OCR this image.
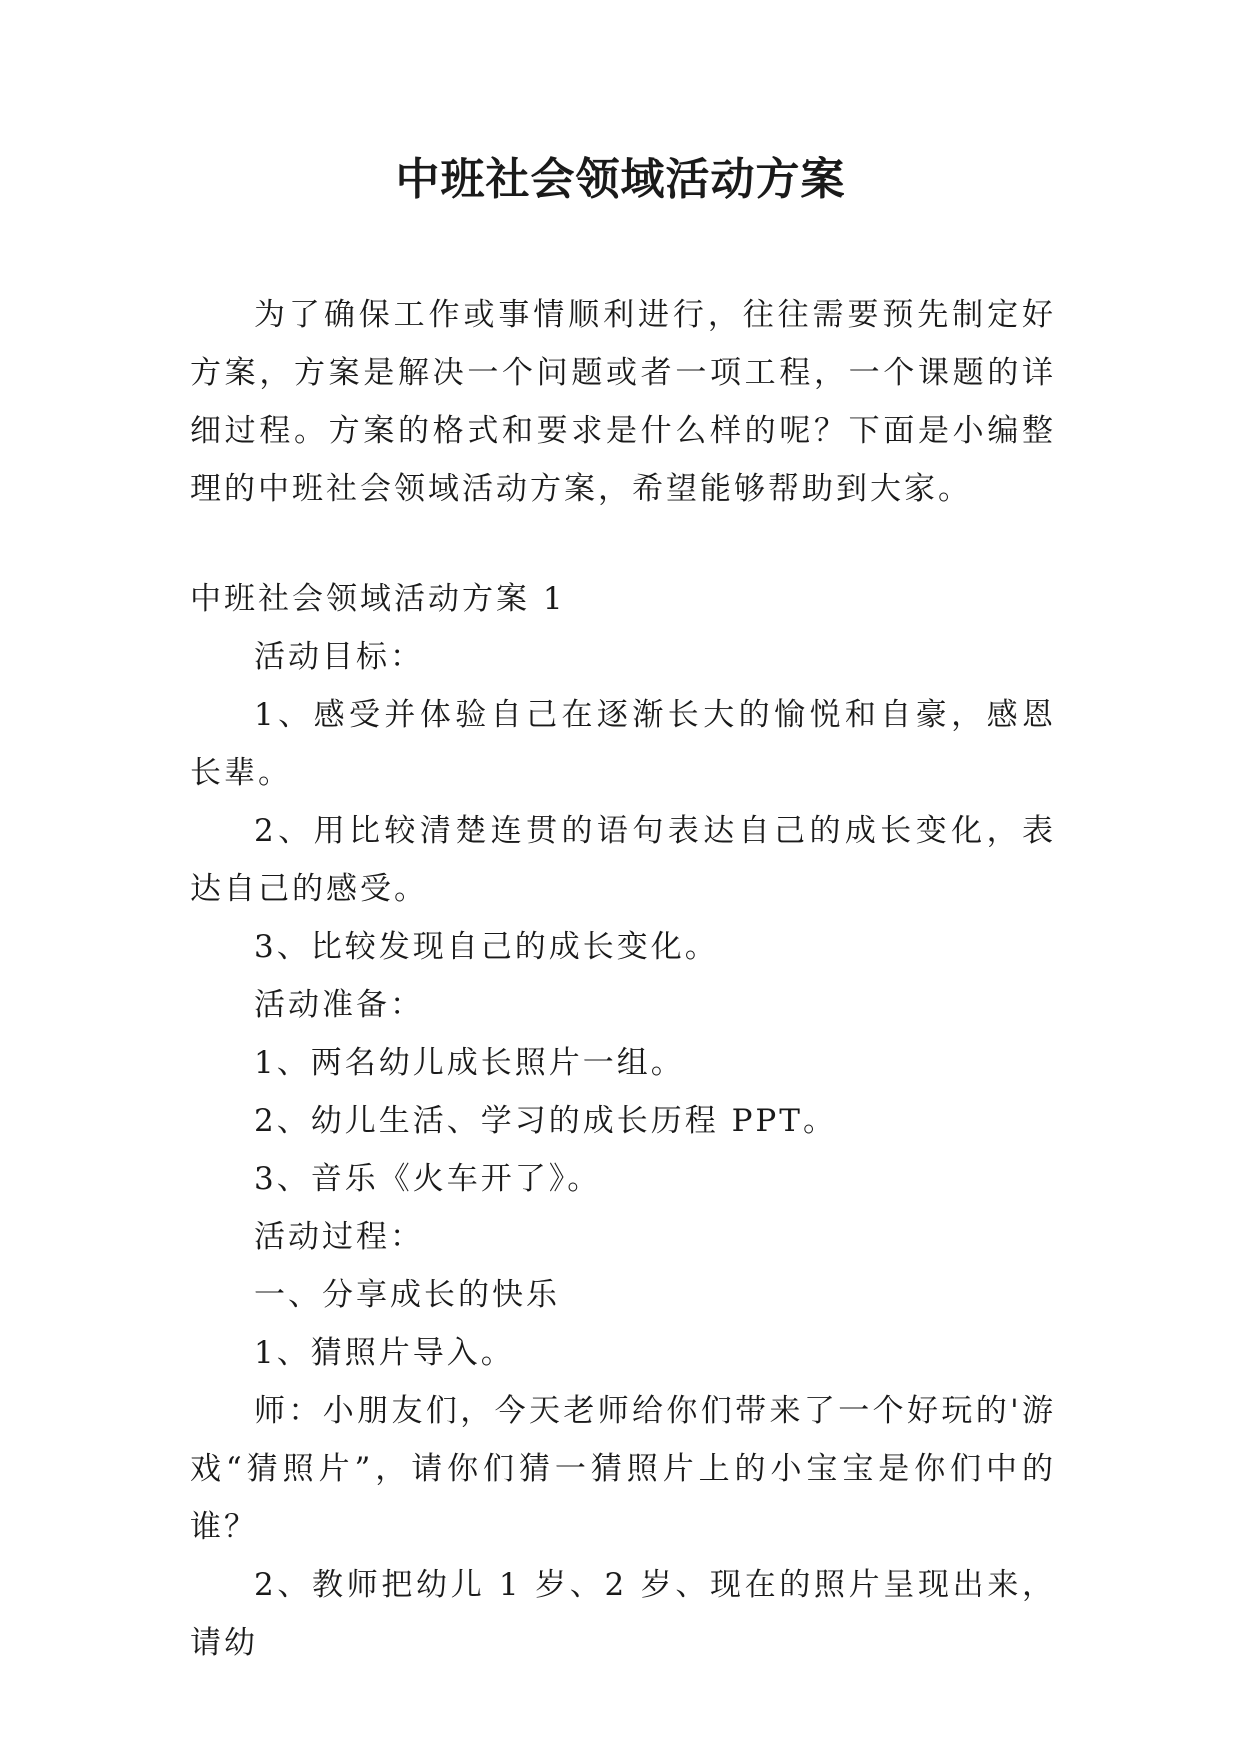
中班社会领域活动方案

为了确保工作或事情顺利进行，往往需要预先制定好方案，方案是解决一个问题或者一项工程，一个课题的详细过程。方案的格式和要求是什么样的呢？下面是小编整理的中班社会领域活动方案，希望能够帮助到大家。

中班社会领域活动方案 1

活动目标：

1、感受并体验自己在逐渐长大的愉悦和自豪，感恩长辈。

2、用比较清楚连贯的语句表达自己的成长变化，表达自己的感受。

3、比较发现自己的成长变化。

活动准备：

1、两名幼儿成长照片一组。

2、幼儿生活、学习的成长历程 PPT。

3、音乐《火车开了》。

活动过程：

一、分享成长的快乐

1、猜照片导入。

师：小朋友们，今天老师给你们带来了一个好玩的'游戏“猜照片”，请你们猜一猜照片上的小宝宝是你们中的谁？

2、教师把幼儿 1 岁、2 岁、现在的照片呈现出来，请幼
